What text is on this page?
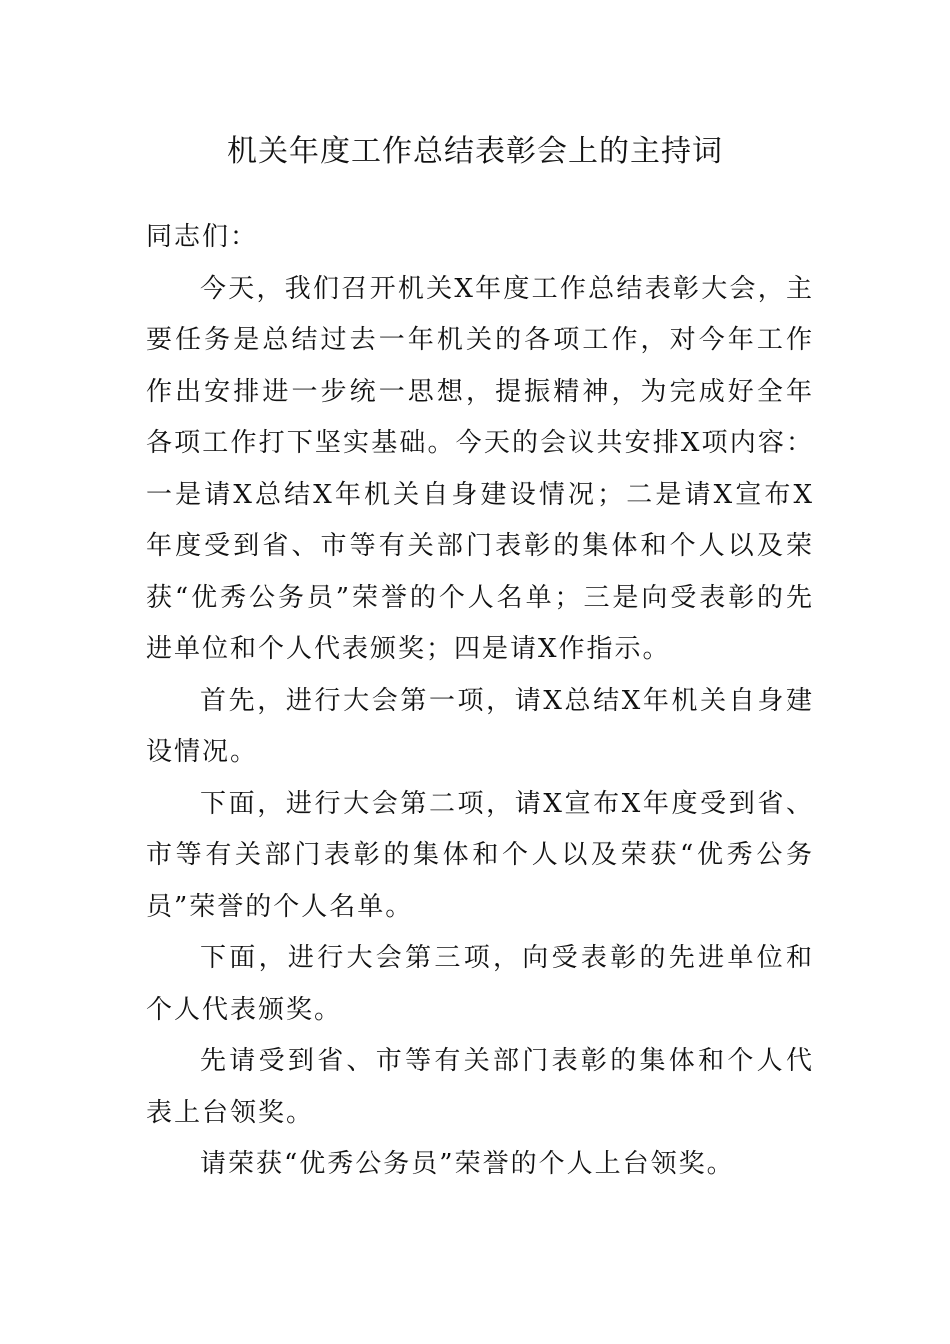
机关年度工作总结表彰会上的主持词

同志们：

今天，我们召开机关X年度工作总结表彰大会，主要任务是总结过去一年机关的各项工作，对今年工作作出安排进一步统一思想，提振精神，为完成好全年各项工作打下坚实基础。今天的会议共安排X项内容：一是请X总结X年机关自身建设情况；二是请X宣布X年度受到省、市等有关部门表彰的集体和个人以及荣获“优秀公务员”荣誉的个人名单；三是向受表彰的先进单位和个人代表颁奖；四是请X作指示。

首先，进行大会第一项，请X总结X年机关自身建设情况。

下面，进行大会第二项，请X宣布X年度受到省、市等有关部门表彰的集体和个人以及荣获“优秀公务员”荣誉的个人名单。

下面，进行大会第三项，向受表彰的先进单位和个人代表颁奖。

先请受到省、市等有关部门表彰的集体和个人代表上台领奖。

请荣获“优秀公务员”荣誉的个人上台领奖。
